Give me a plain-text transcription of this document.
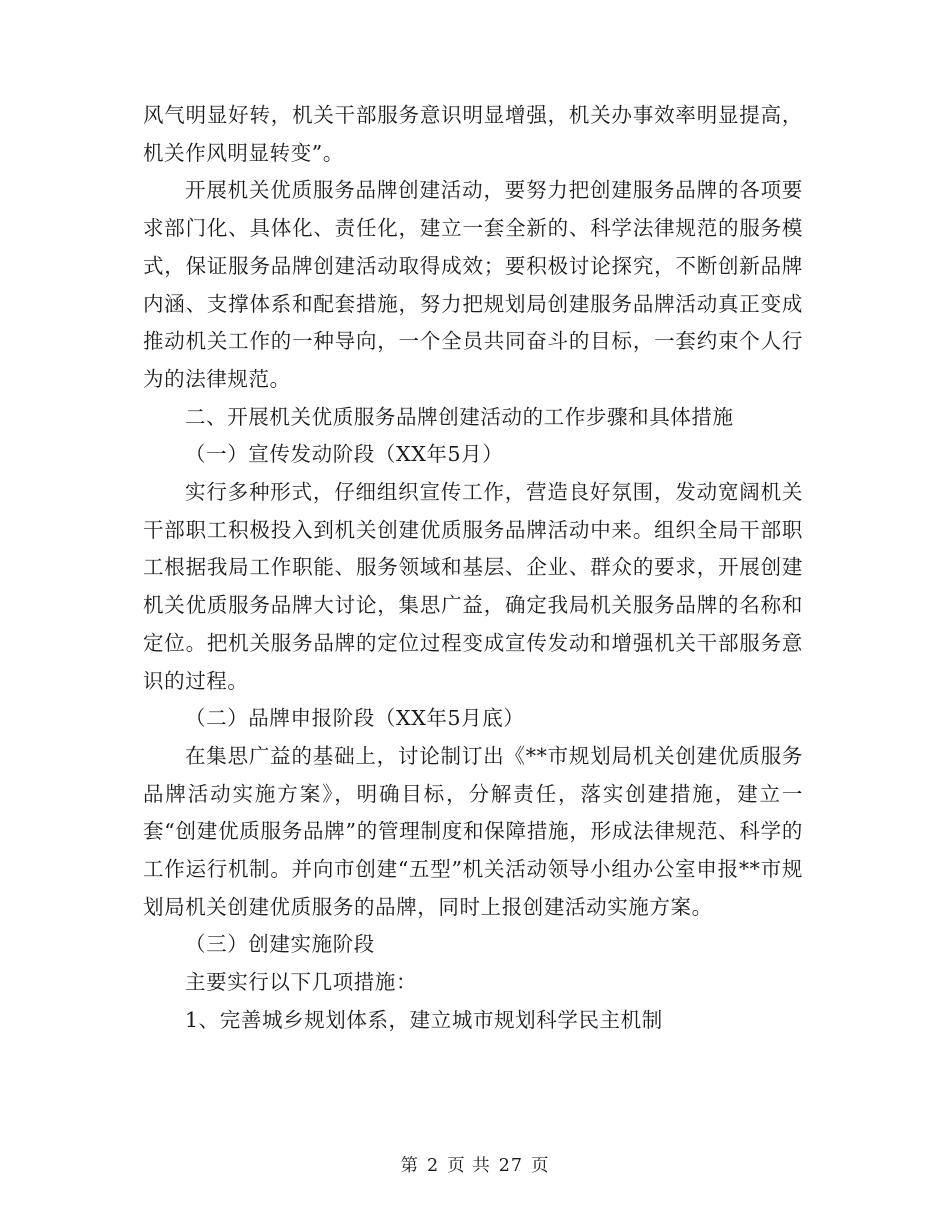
风气明显好转，机关干部服务意识明显增强，机关办事效率明显提高，机关作风明显转变”。

开展机关优质服务品牌创建活动，要努力把创建服务品牌的各项要求部门化、具体化、责任化，建立一套全新的、科学法律规范的服务模式，保证服务品牌创建活动取得成效；要积极讨论探究，不断创新品牌内涵、支撑体系和配套措施，努力把规划局创建服务品牌活动真正变成推动机关工作的一种导向，一个全员共同奋斗的目标，一套约束个人行为的法律规范。

二、开展机关优质服务品牌创建活动的工作步骤和具体措施

（一）宣传发动阶段（XX年5月）

实行多种形式，仔细组织宣传工作，营造良好氛围，发动宽阔机关干部职工积极投入到机关创建优质服务品牌活动中来。组织全局干部职工根据我局工作职能、服务领域和基层、企业、群众的要求，开展创建机关优质服务品牌大讨论，集思广益，确定我局机关服务品牌的名称和定位。把机关服务品牌的定位过程变成宣传发动和增强机关干部服务意识的过程。

（二）品牌申报阶段（XX年5月底）

在集思广益的基础上，讨论制订出《**市规划局机关创建优质服务品牌活动实施方案》，明确目标，分解责任，落实创建措施，建立一套“创建优质服务品牌”的管理制度和保障措施，形成法律规范、科学的工作运行机制。并向市创建“五型”机关活动领导小组办公室申报**市规划局机关创建优质服务的品牌，同时上报创建活动实施方案。

（三）创建实施阶段

主要实行以下几项措施：

1、完善城乡规划体系，建立城市规划科学民主机制

第 2 页 共 27 页
